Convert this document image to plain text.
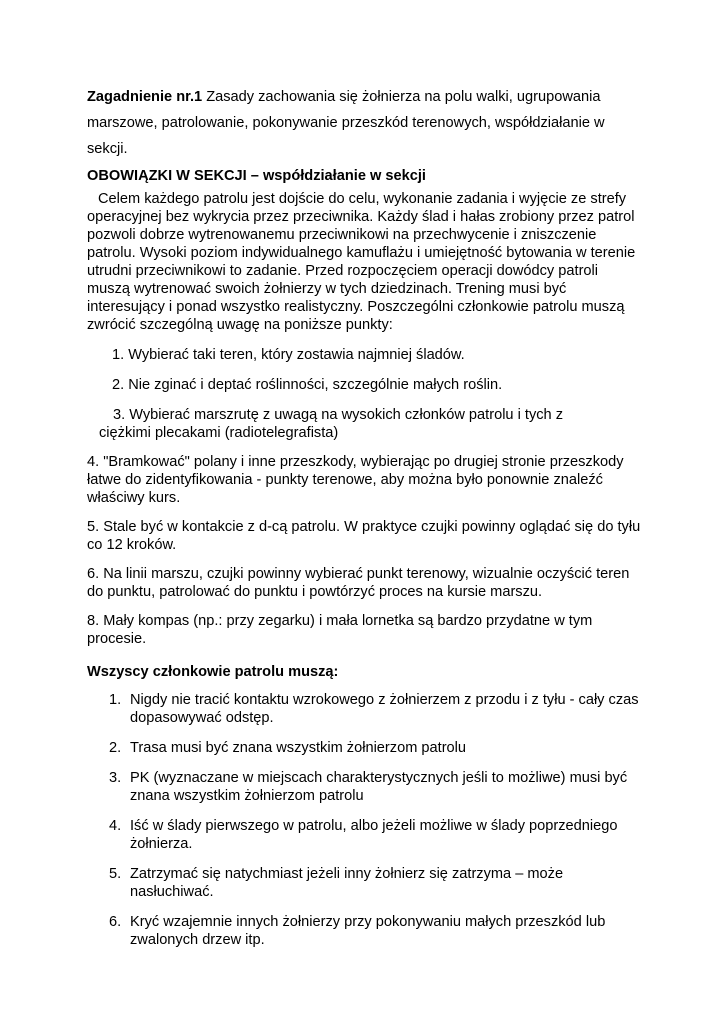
Zagadnienie nr.1 Zasady zachowania się żołnierza na polu walki, ugrupowania marszowe, patrolowanie, pokonywanie przeszkód terenowych, współdziałanie w sekcji.

OBOWIĄZKI W SEKCJI – współdziałanie w sekcji

Celem każdego patrolu jest dojście do celu, wykonanie zadania i wyjęcie ze strefy operacyjnej bez wykrycia przez przeciwnika. Każdy ślad i hałas zrobiony przez patrol pozwoli dobrze wytrenowanemu przeciwnikowi na przechwycenie i zniszczenie patrolu. Wysoki poziom indywidualnego kamuflażu i umiejętność bytowania w terenie utrudni przeciwnikowi to zadanie. Przed rozpoczęciem operacji dowódcy patroli muszą wytrenować swoich żołnierzy w tych dziedzinach. Trening musi być interesujący i ponad wszystko realistyczny. Poszczególni członkowie patrolu muszą zwrócić szczególną uwagę na poniższe punkty:

1. Wybierać taki teren, który zostawia najmniej śladów.
2. Nie zginać i deptać roślinności, szczególnie małych roślin.
3. Wybierać marszrutę z uwagą na wysokich członków patrolu i tych z
ciężkimi plecakami (radiotelegrafista)
4. "Bramkować" polany i inne przeszkody, wybierając po drugiej stronie przeszkody łatwe do zidentyfikowania - punkty terenowe, aby można było ponownie znaleźć właściwy kurs.
5. Stale być w kontakcie z d-cą patrolu. W praktyce czujki powinny oglądać się do tyłu co 12 kroków.
6. Na linii marszu, czujki powinny wybierać punkt terenowy, wizualnie oczyścić teren do punktu, patrolować do punktu i powtórzyć proces na kursie marszu.
8. Mały kompas (np.: przy zegarku) i mała lornetka są bardzo przydatne w tym procesie.
Wszyscy członkowie patrolu muszą:
1. Nigdy nie tracić kontaktu wzrokowego z żołnierzem z przodu i z tyłu - cały czas dopasowywać odstęp.
2. Trasa musi być znana wszystkim żołnierzom patrolu
3. PK (wyznaczane w miejscach charakterystycznych jeśli to możliwe) musi być znana wszystkim żołnierzom patrolu
4. Iść w ślady pierwszego w patrolu, albo jeżeli możliwe w ślady poprzedniego żołnierza.
5. Zatrzymać się natychmiast jeżeli inny żołnierz się zatrzyma – może nasłuchiwać.
6. Kryć wzajemnie innych żołnierzy przy pokonywaniu małych przeszkód lub zwalonych drzew itp.
